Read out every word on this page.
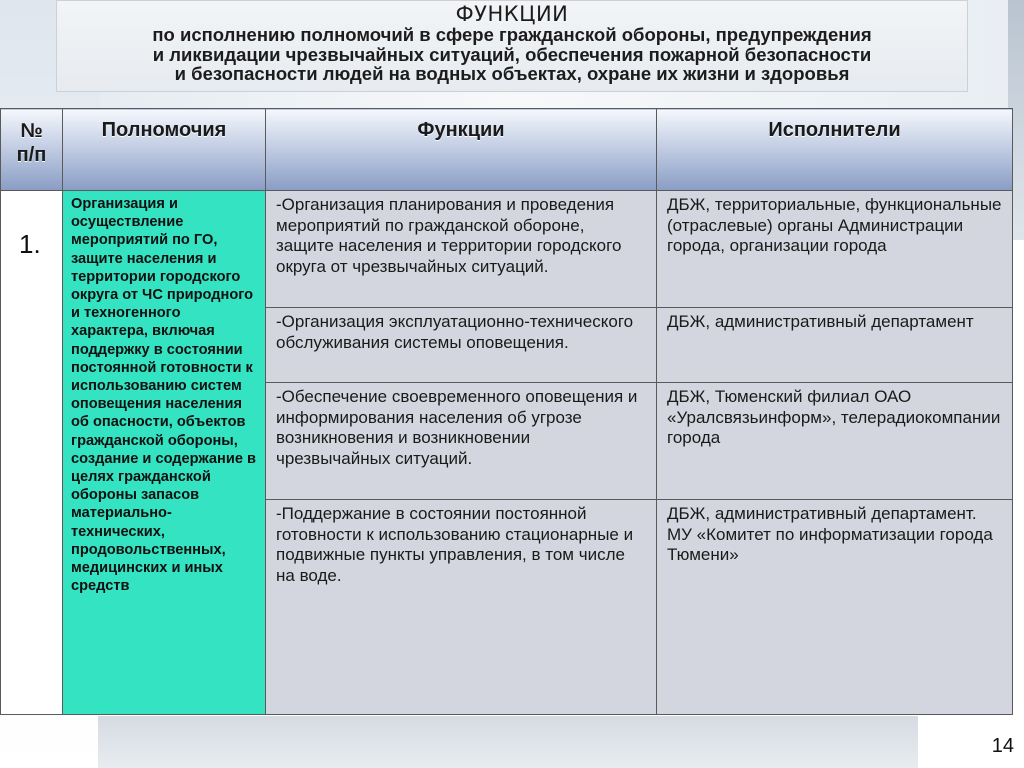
ФУНКЦИИ
по исполнению полномочий в сфере гражданской обороны, предупреждения
и ликвидации чрезвычайных ситуаций, обеспечения пожарной безопасности
и безопасности людей на водных объектах, охране их жизни и здоровья
№
п/п	Полномочия	Функции	Исполнители
1.	Организация и осуществление мероприятий по ГО, защите населения и территории городского округа от ЧС природного и техногенного характера, включая поддержку в состоянии постоянной готовности к использованию систем оповещения населения об опасности, объектов гражданской обороны, создание и содержание в целях гражданской обороны запасов материально-технических, продовольственных, медицинских и иных средств	-Организация планирования и проведения мероприятий по гражданской обороне, защите населения и территории городского округа от чрезвычайных ситуаций.	ДБЖ, территориальные, функциональные (отраслевые) органы Администрации города, организации города
		-Организация эксплуатационно-технического обслуживания системы оповещения.	ДБЖ, административный департамент
		-Обеспечение своевременного оповещения и информирования населения об угрозе возникновения и возникновении чрезвычайных ситуаций.	ДБЖ, Тюменский филиал ОАО «Уралсвязьинформ», телерадиокомпании города
		-Поддержание в состоянии постоянной готовности к использованию стационарные и подвижные пункты управления, в том числе на воде.	ДБЖ, административный департамент. МУ «Комитет по информатизации города Тюмени»
14
